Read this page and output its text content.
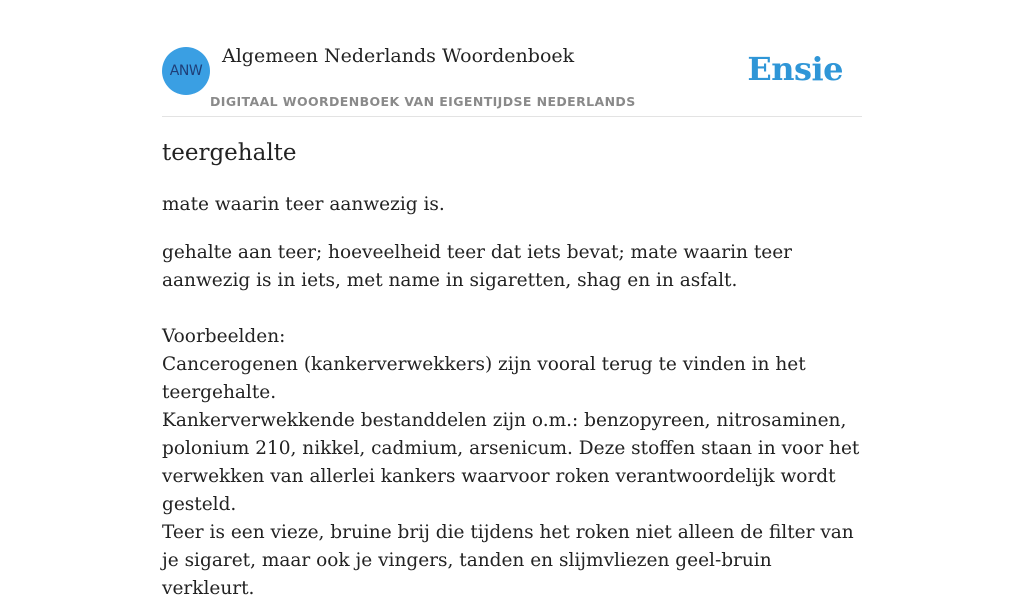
ANW
Algemeen Nederlands Woordenboek
DIGITAAL WOORDENBOEK VAN EIGENTIJDSE NEDERLANDS
Ensie
teergehalte

mate waarin teer aanwezig is.

gehalte aan teer; hoeveelheid teer dat iets bevat; mate waarin teer aanwezig is in iets, met name in sigaretten, shag en in asfalt.

Voorbeelden:

Cancerogenen (kankerverwekkers) zijn vooral terug te vinden in het teergehalte.

Kankerverwekkende bestanddelen zijn o.m.: benzopyreen, nitrosaminen, polonium 210, nikkel, cadmium, arsenicum. Deze stoffen staan in voor het verwekken van allerlei kankers waarvoor roken verantwoordelijk wordt gesteld.

Teer is een vieze, bruine brij die tijdens het roken niet alleen de filter van je sigaret, maar ook je vingers, tanden en slijmvliezen geel-bruin verkleurt.
